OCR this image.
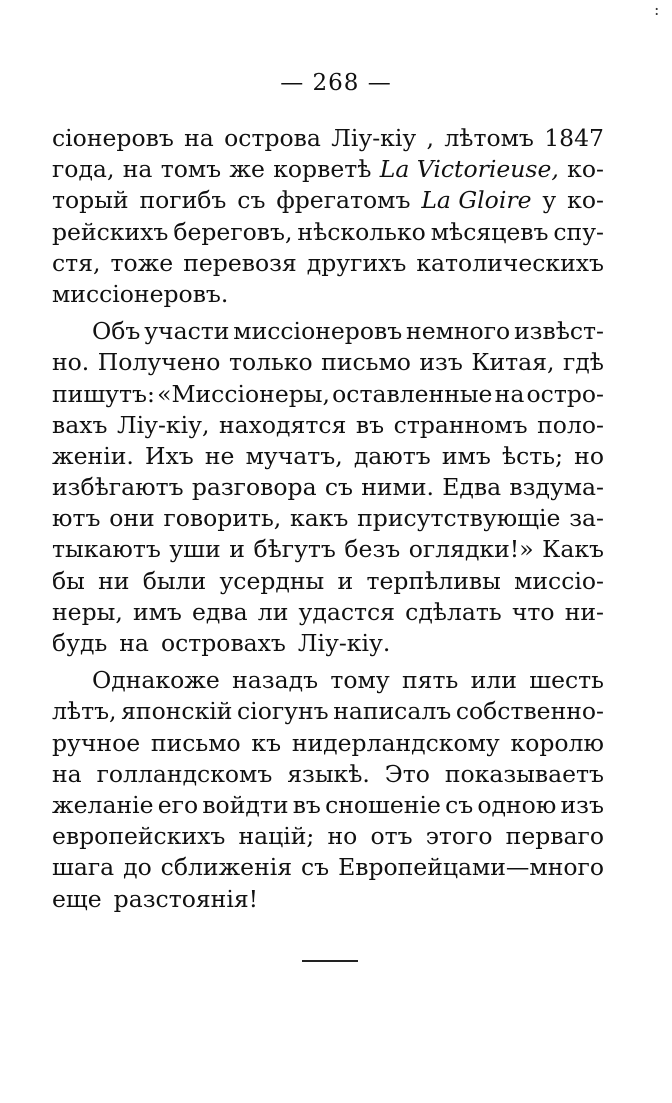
:
— 268 —
сіонеровъ на острова Ліу-кіу , лѣтомъ 1847
года, на томъ же корветѣ La Victorieuse, ко-
торый погибъ съ фрегатомъ La Gloire у ко-
рейскихъ береговъ, нѣсколько мѣсяцевъ спу-
стя, тоже перевозя другихъ католическихъ
миссіонеровъ.
Объ участи миссіонеровъ немного извѣст-
но. Получено только письмо изъ Китая, гдѣ
пишутъ: «Миссіонеры, оставленные на остро-
вахъ Ліу-кіу, находятся въ странномъ поло-
женіи. Ихъ не мучатъ, даютъ имъ ѣсть; но
избѣгаютъ разговора съ ними. Едва вздума-
ютъ они говорить, какъ присутствующіе за-
тыкаютъ уши и бѣгутъ безъ оглядки!» Какъ
бы ни были усердны и терпѣливы миссіо-
неры, имъ едва ли удастся сдѣлать что ни-
будь на островахъ Ліу-кіу.
Однакоже назадъ тому пять или шесть
лѣтъ, японскій сіогунъ написалъ собственно-
ручное письмо къ нидерландскому королю
на голландскомъ языкѣ. Это показываетъ
желаніе его войдти въ сношеніе съ одною изъ
европейскихъ націй; но отъ этого перваго
шага до сближенія съ Европейцами—много
еще разстоянія!
